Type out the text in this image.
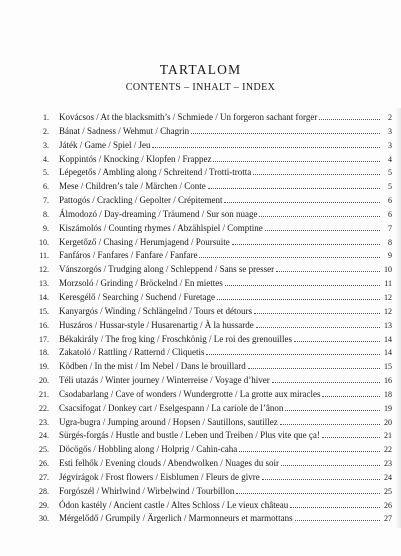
TARTALOM
CONTENTS – INHALT – INDEX
1. Kovácsos / At the blacksmith’s / Schmiede / Un forgeron sachant forger	2
2. Bánat / Sadness / Wehmut / Chagrin	3
3. Játék / Game / Spiel / Jeu	3
4. Koppintós / Knocking / Klopfen / Frappez	4
5. Lépegetős / Ambling along / Schreitend / Trotti-trotta	5
6. Mese / Children’s tale / Märchen / Conte	5
7. Pattogós / Crackling / Gepolter / Crépitement	6
8. Álmodozó / Day-dreaming / Träumend / Sur son nuage	6
9. Kiszámolós / Counting rhymes / Abzählspiel / Comptine	7
10. Kergetőző / Chasing / Herumjagend / Poursuite	8
11. Fanfáros / Fanfares / Fanfare / Fanfare	9
12. Vánszorgós / Trudging along / Schleppend / Sans se presser	10
13. Morzsoló / Grinding / Bröckelnd / En miettes	11
14. Keresgélő / Searching / Suchend / Furetage	12
15. Kanyargós / Winding / Schlängelnd / Tours et détours	12
16. Huszáros / Hussar-style / Husarenartig / À la hussarde	13
17. Békakirály / The frog king / Froschkönig / Le roi des grenouilles	14
18. Zakatoló / Rattling / Ratternd / Cliquetis	14
19. Ködben / In the mist / Im Nebel / Dans le brouillard	15
20. Téli utazás / Winter journey / Winterreise / Voyage d’hiver	16
21. Csodabarlang / Cave of wonders / Wundergrotte / La grotte aux miracles	18
22. Csacsifogat / Donkey cart / Eselgespann / La cariole de l’ânon	19
23. Ugra-bugra / Jumping around / Hopsen / Sautillons, sautillez	20
24. Sürgés-forgás / Hustle and bustle / Leben und Treiben / Plus vite que ça!	21
25. Döcögős / Hobbling along / Holprig / Cahin-caha	22
26. Esti felhők / Evening clouds / Abendwolken / Nuages du soir	23
27. Jégvirágok / Frost flowers / Eisblumen / Fleurs de givre	24
28. Forgószél / Whirlwind / Wirbelwind / Tourbillon	25
29. Ódon kastély / Ancient castle / Altes Schloss / Le vieux château	26
30. Mérgelődő / Grumpily / Ärgerlich / Marmonneurs et marmottans	27
